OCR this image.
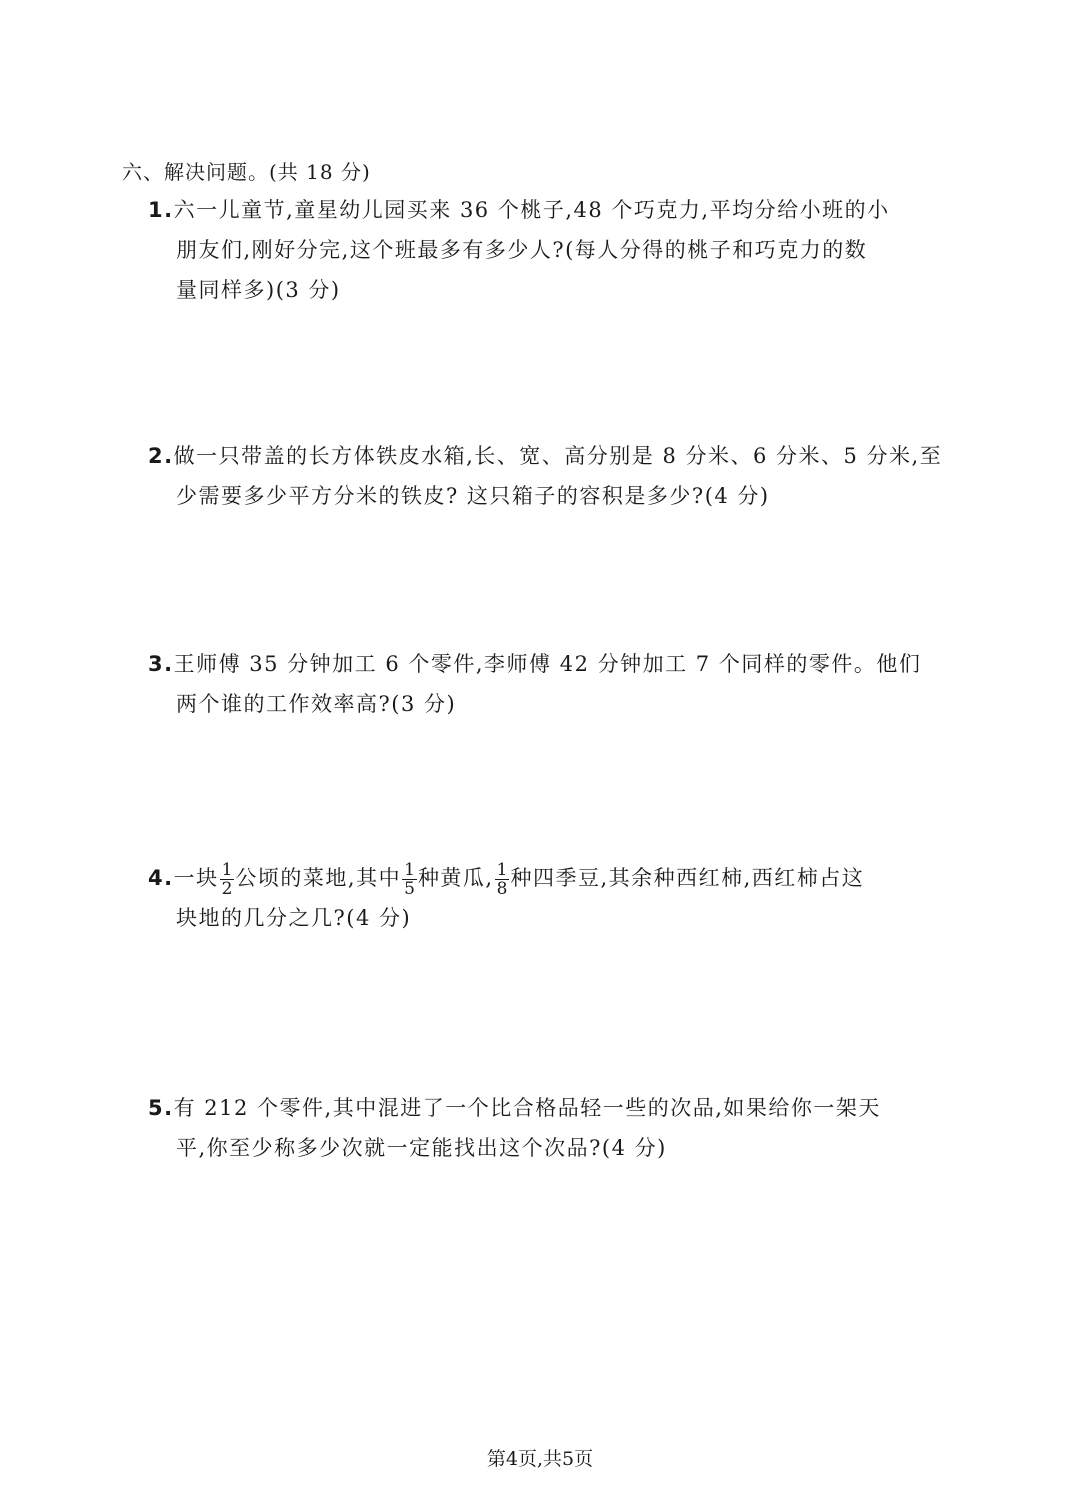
六、解决问题。(共 18 分)
1.六一儿童节,童星幼儿园买来 36 个桃子,48 个巧克力,平均分给小班的小
朋友们,刚好分完,这个班最多有多少人?(每人分得的桃子和巧克力的数
量同样多)(3 分)
2.做一只带盖的长方体铁皮水箱,长、宽、高分别是 8 分米、6 分米、5 分米,至
少需要多少平方分米的铁皮? 这只箱子的容积是多少?(4 分)
3.王师傅 35 分钟加工 6 个零件,李师傅 42 分钟加工 7 个同样的零件。他们
两个谁的工作效率高?(3 分)
4.一块 $\frac{1}{2}$ 公顷的菜地,其中 $\frac{1}{5}$ 种黄瓜, $\frac{1}{8}$ 种四季豆,其余种西红柿,西红柿占这
块地的几分之几?(4 分)
5.有 212 个零件,其中混进了一个比合格品轻一些的次品,如果给你一架天
平,你至少称多少次就一定能找出这个次品?(4 分)
第4页,共5页
